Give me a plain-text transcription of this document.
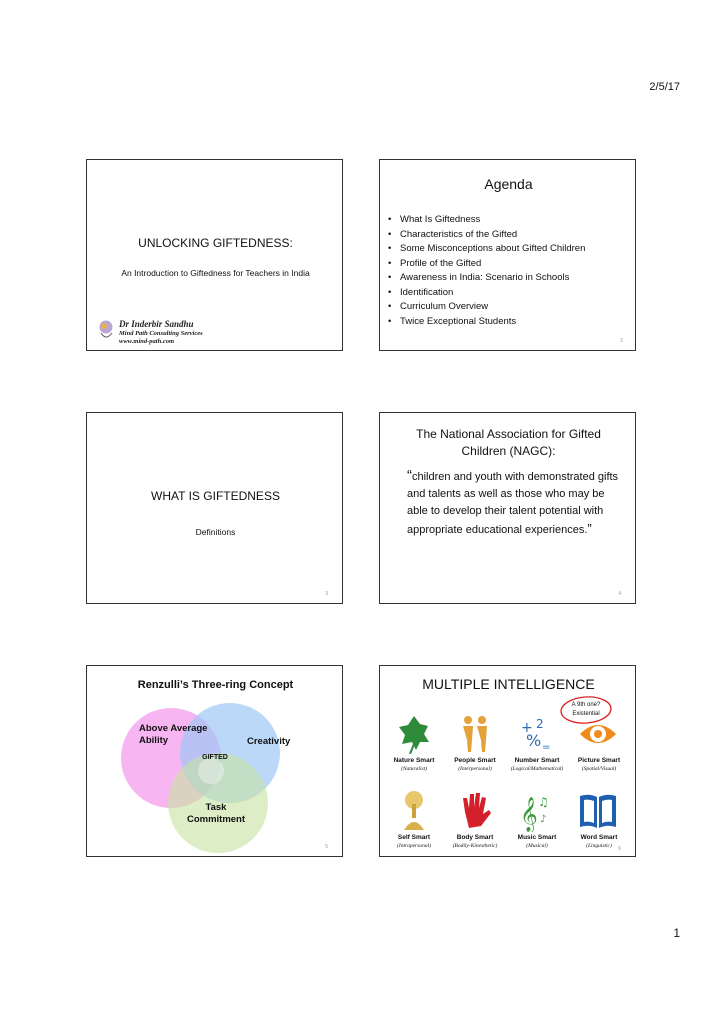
2/5/17
UNLOCKING GIFTEDNESS:
An Introduction to Giftedness for Teachers in India
Dr Inderbir Sandhu
Mind Path Consulting Services
www.mind-path.com
Agenda
• What Is Giftedness
• Characteristics of the Gifted
• Some Misconceptions about Gifted Children
• Profile of the Gifted
• Awareness in India: Scenario in Schools
• Identification
• Curriculum Overview
• Twice Exceptional Students
2
WHAT IS GIFTEDNESS
Definitions
3
The National Association for Gifted Children (NAGC):
“children and youth with demonstrated gifts and talents as well as those who may be able to develop their talent potential with appropriate educational experiences.”
4
Renzulli’s Three-ring Concept
Above Average Ability	Creativity
GIFTED
Task Commitment
5
MULTIPLE INTELLIGENCE
A 9th one?
Existential
+ 2
% =
Nature Smart
(Naturalist)
People Smart
(Interpersonal)
Number Smart
(Logical/Mathematical)
Picture Smart
(Spatial/Visual)
𝄞 ♫
♪
Self Smart
(Intrapersonal)
Body Smart
(Bodily-Kinesthetic)
Music Smart
(Musical)
Word Smart
(Linguistic)	6
1
